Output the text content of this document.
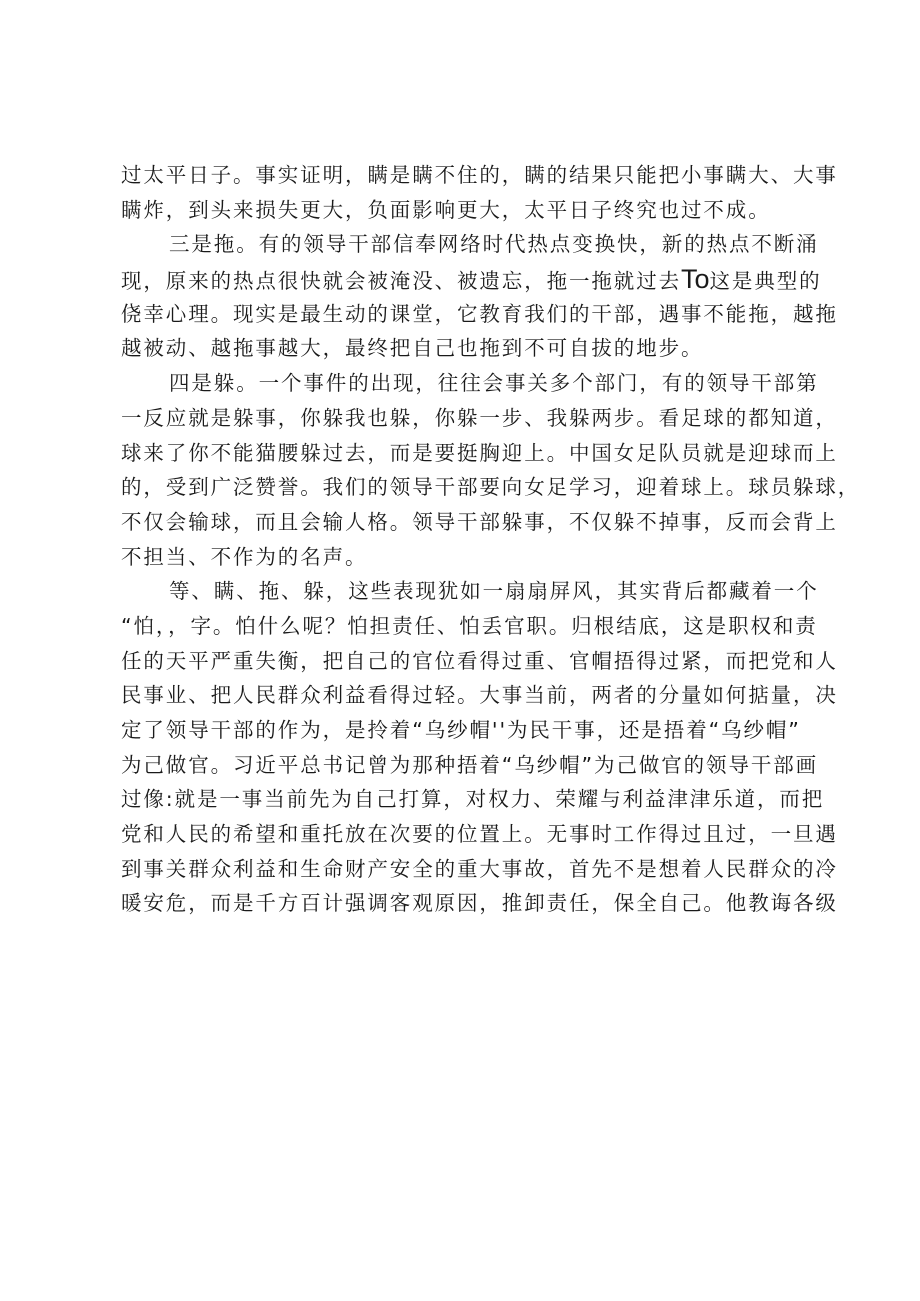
过太平日子。事实证明，瞒是瞒不住的，瞒的结果只能把小事瞒大、大事
瞒炸，到头来损失更大，负面影响更大，太平日子终究也过不成。
三是拖。有的领导干部信奉网络时代热点变换快，新的热点不断涌
现，原来的热点很快就会被淹没、被遗忘，拖一拖就过去To这是典型的
侥幸心理。现实是最生动的课堂，它教育我们的干部，遇事不能拖，越拖
越被动、越拖事越大，最终把自己也拖到不可自拔的地步。
四是躲。一个事件的出现，往往会事关多个部门，有的领导干部第
一反应就是躲事，你躲我也躲，你躲一步、我躲两步。看足球的都知道，
球来了你不能猫腰躲过去，而是要挺胸迎上。中国女足队员就是迎球而上
的，受到广泛赞誉。我们的领导干部要向女足学习，迎着球上。球员躲球，
不仅会输球，而且会输人格。领导干部躲事，不仅躲不掉事，反而会背上
不担当、不作为的名声。
等、瞒、拖、躲，这些表现犹如一扇扇屏风，其实背后都藏着一个
“怕，，字。怕什么呢？怕担责任、怕丢官职。归根结底，这是职权和责
任的天平严重失衡，把自己的官位看得过重、官帽捂得过紧，而把党和人
民事业、把人民群众利益看得过轻。大事当前，两者的分量如何掂量，决
定了领导干部的作为，是拎着“乌纱帽''为民干事，还是捂着“乌纱帽”
为己做官。习近平总书记曾为那种捂着“乌纱帽”为己做官的领导干部画
过像:就是一事当前先为自己打算，对权力、荣耀与利益津津乐道，而把
党和人民的希望和重托放在次要的位置上。无事时工作得过且过，一旦遇
到事关群众利益和生命财产安全的重大事故，首先不是想着人民群众的冷
暖安危，而是千方百计强调客观原因，推卸责任，保全自己。他教诲各级
